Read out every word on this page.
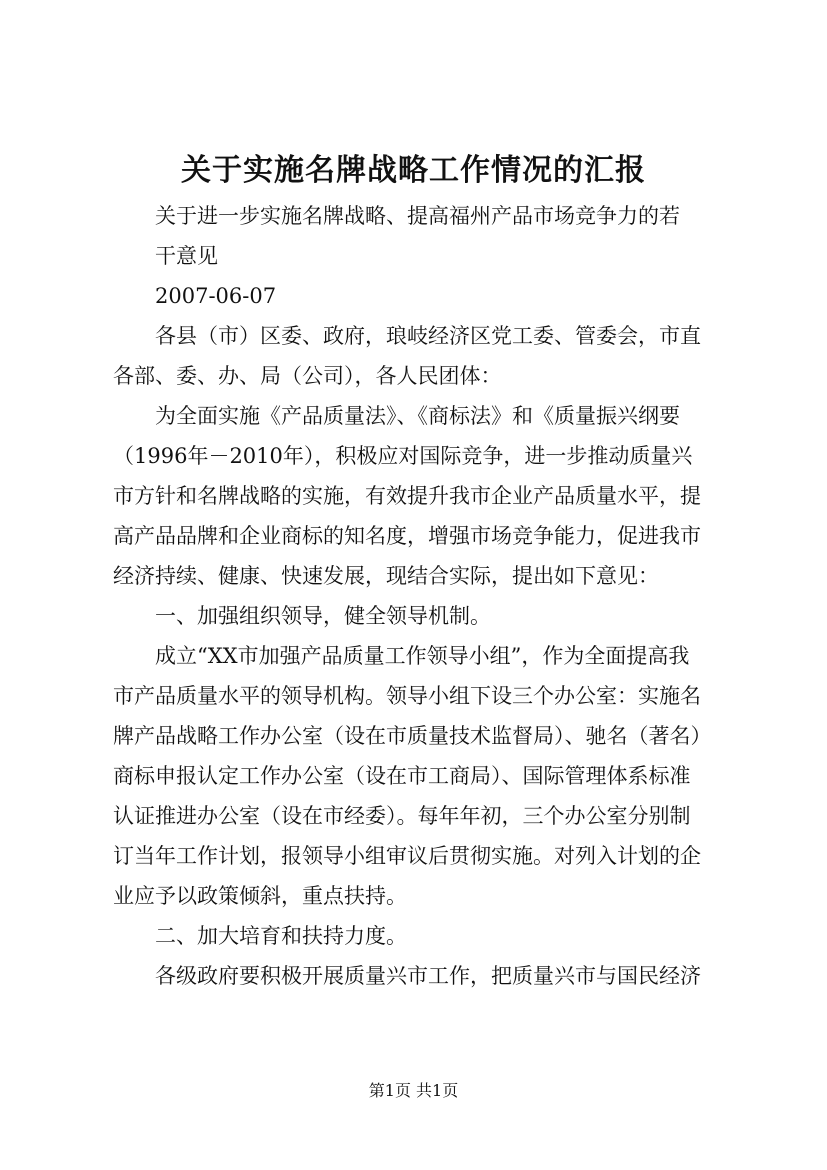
关于实施名牌战略工作情况的汇报
关于进一步实施名牌战略、提高福州产品市场竞争力的若
干意见
2007-06-07
各县（市）区委、政府，琅岐经济区党工委、管委会，市直
各部、委、办、局（公司），各人民团体：
为全面实施《产品质量法》、《商标法》和《质量振兴纲要
（1996年－2010年），积极应对国际竞争，进一步推动质量兴
市方针和名牌战略的实施，有效提升我市企业产品质量水平，提
高产品品牌和企业商标的知名度，增强市场竞争能力，促进我市
经济持续、健康、快速发展，现结合实际，提出如下意见：
一、加强组织领导，健全领导机制。
成立“XX市加强产品质量工作领导小组”，作为全面提高我
市产品质量水平的领导机构。领导小组下设三个办公室：实施名
牌产品战略工作办公室（设在市质量技术监督局）、驰名（著名）
商标申报认定工作办公室（设在市工商局）、国际管理体系标准
认证推进办公室（设在市经委）。每年年初，三个办公室分别制
订当年工作计划，报领导小组审议后贯彻实施。对列入计划的企
业应予以政策倾斜，重点扶持。
二、加大培育和扶持力度。
各级政府要积极开展质量兴市工作，把质量兴市与国民经济
第1页 共1页
